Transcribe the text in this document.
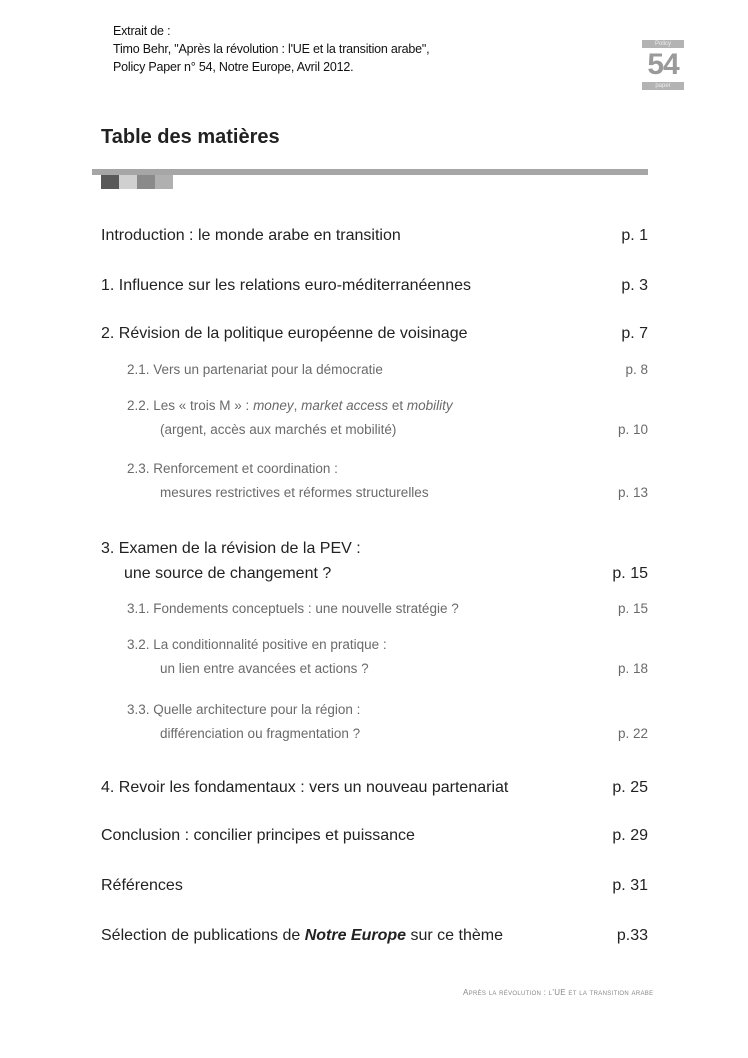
Extrait de :
Timo Behr, "Après la révolution : l'UE et la transition arabe",
Policy Paper n° 54, Notre Europe, Avril 2012.
Policy
54
paper
Table des matières
Introduction : le monde arabe en transition	p. 1
1. Influence sur les relations euro-méditerranéennes	p. 3
2. Révision de la politique européenne de voisinage	p. 7
2.1. Vers un partenariat pour la démocratie	p. 8
2.2. Les « trois M » : money, market access et mobility
(argent, accès aux marchés et mobilité)	p. 10
2.3. Renforcement et coordination :
mesures restrictives et réformes structurelles	p. 13
3. Examen de la révision de la PEV :
une source de changement ?	p. 15
3.1. Fondements conceptuels : une nouvelle stratégie ?	p. 15
3.2. La conditionnalité positive en pratique :
un lien entre avancées et actions ?	p. 18
3.3. Quelle architecture pour la région :
différenciation ou fragmentation ?	p. 22
4. Revoir les fondamentaux : vers un nouveau partenariat	p. 25
Conclusion : concilier principes et puissance	p. 29
Références	p. 31
Sélection de publications de Notre Europe sur ce thème	p.33
Après la révolution : l'UE et la transition arabe
